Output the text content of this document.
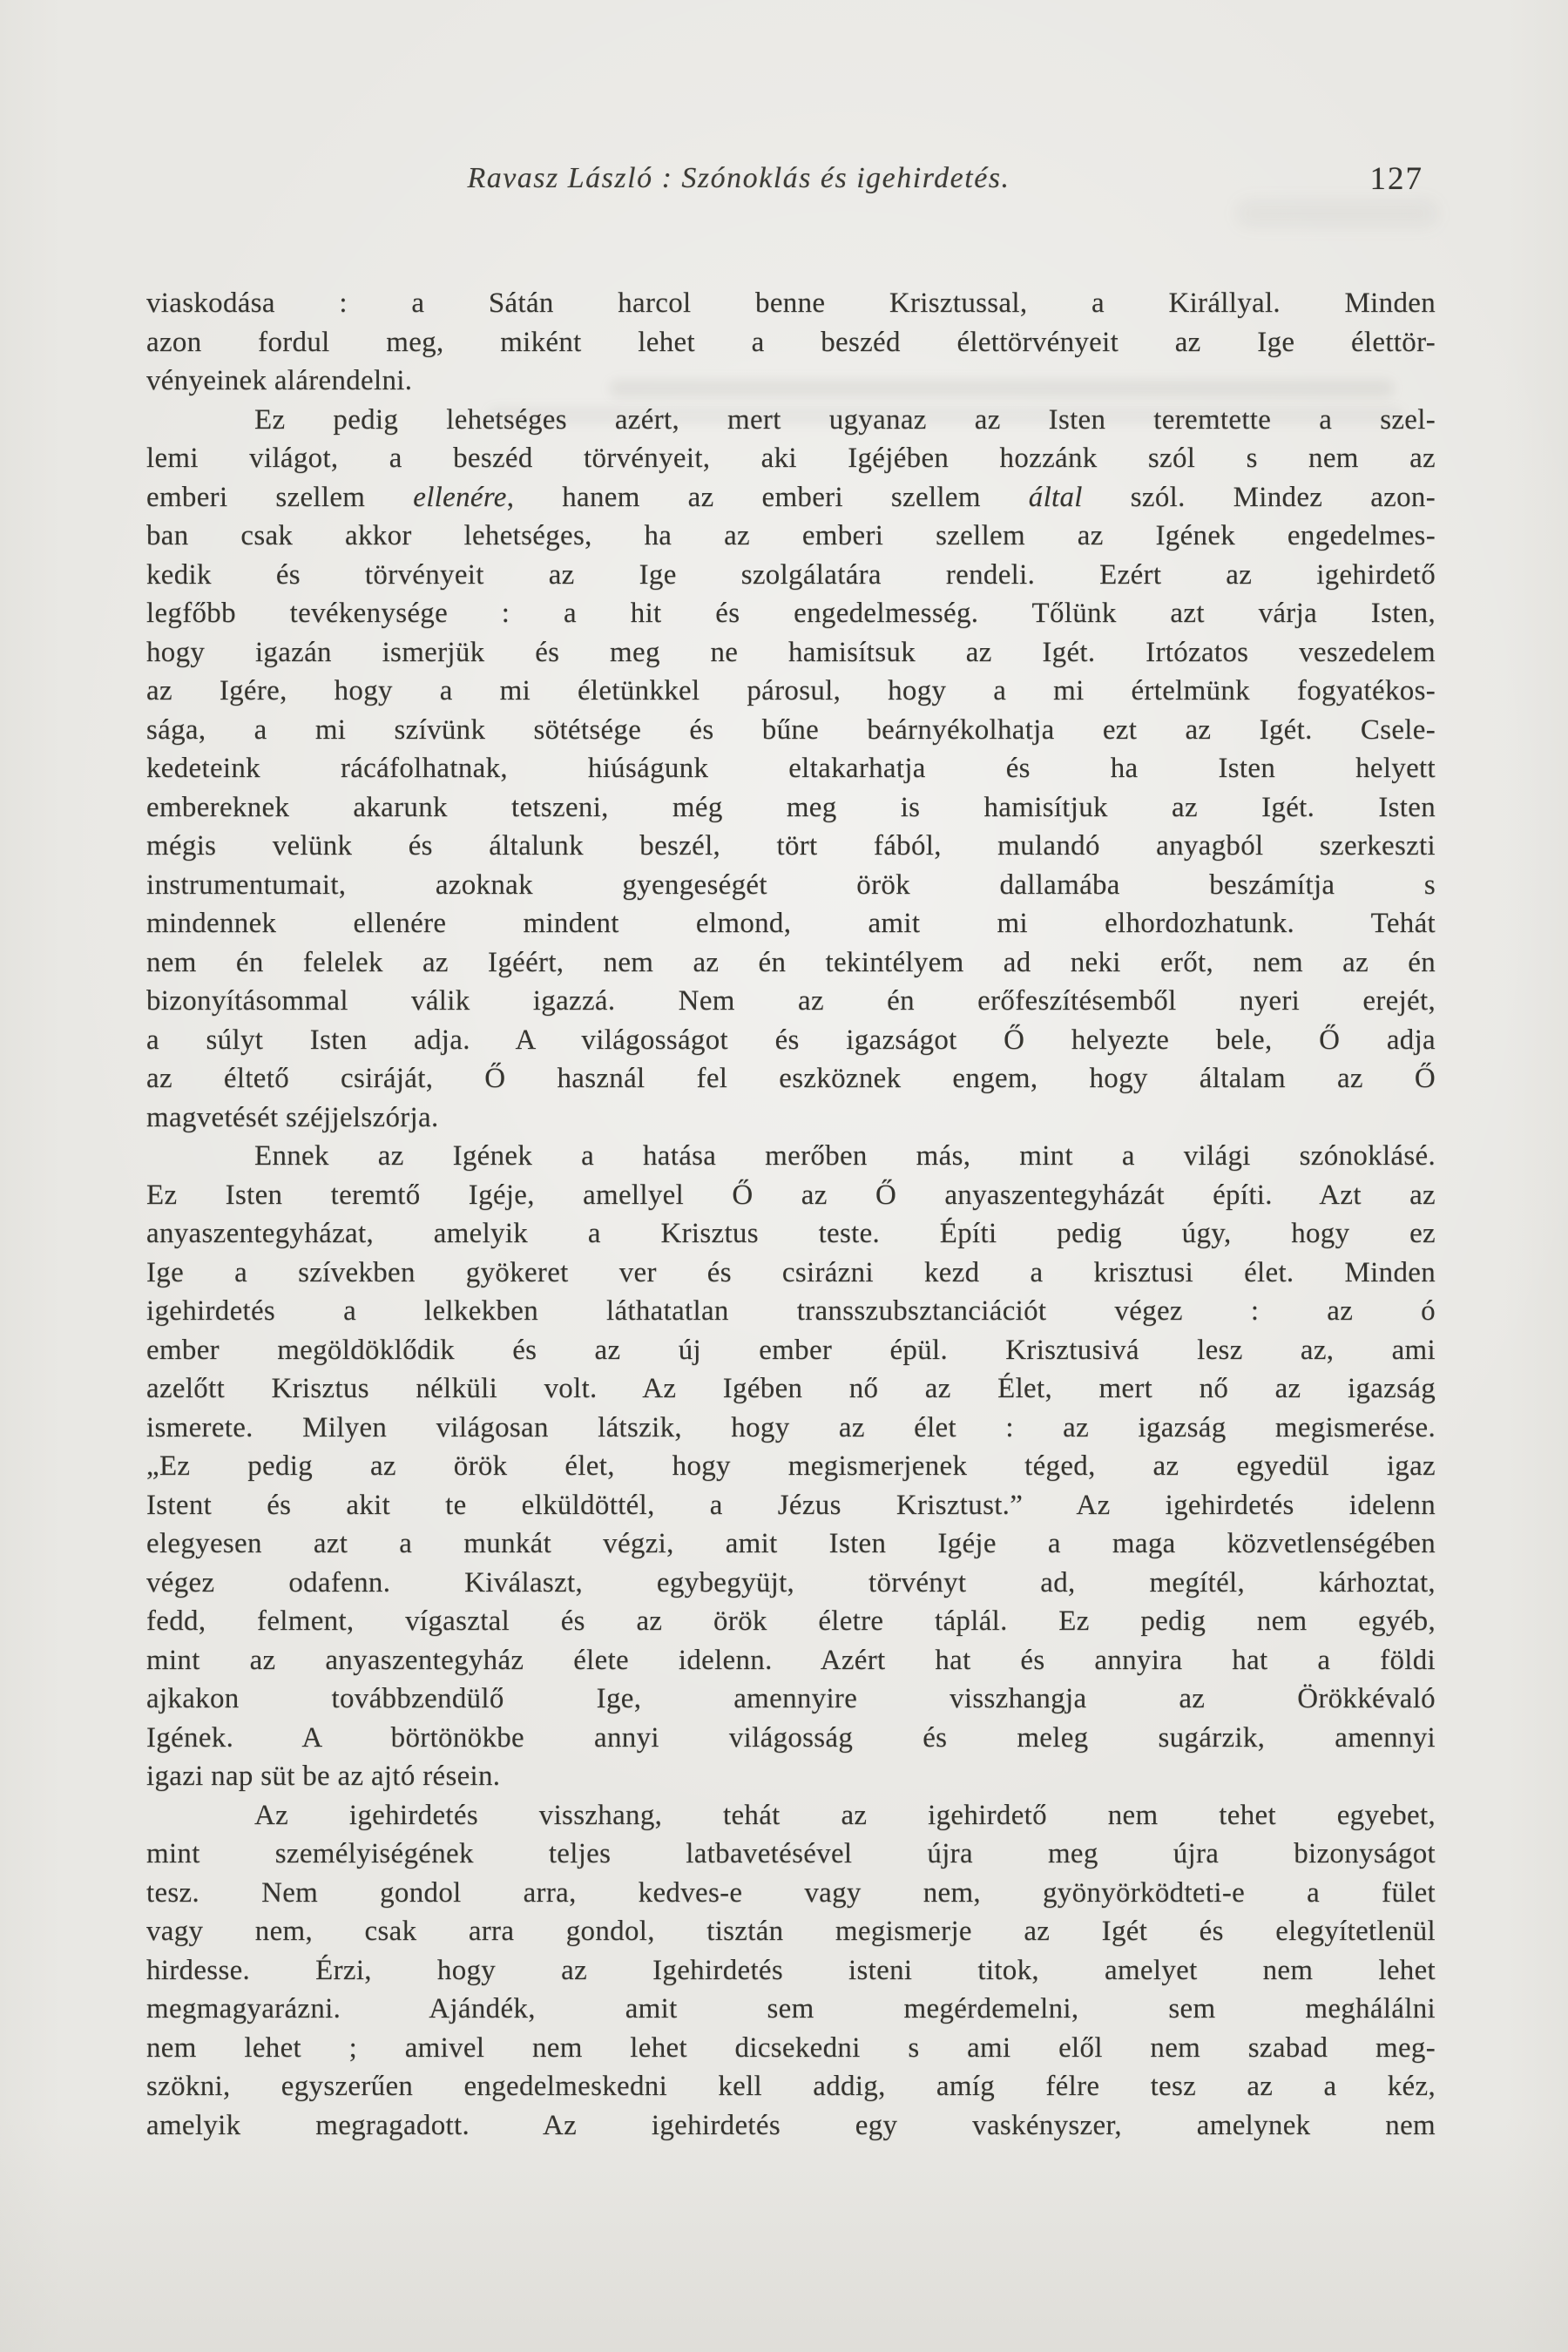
Ravasz László : Szónoklás és igehirdetés.	127
viaskodása : a Sátán harcol benne Krisztussal, a Királlyal. Minden
azon fordul meg, miként lehet a beszéd élettörvényeit az Ige élettör-
vényeinek alárendelni.
Ez pedig lehetséges azért, mert ugyanaz az Isten teremtette a szel-
lemi világot, a beszéd törvényeit, aki Igéjében hozzánk szól s nem az
emberi szellem ellenére, hanem az emberi szellem által szól. Mindez azon-
ban csak akkor lehetséges, ha az emberi szellem az Igének engedelmes-
kedik és törvényeit az Ige szolgálatára rendeli. Ezért az igehirdető
legfőbb tevékenysége : a hit és engedelmesség. Tőlünk azt várja Isten,
hogy igazán ismerjük és meg ne hamisítsuk az Igét. Irtózatos veszedelem
az Igére, hogy a mi életünkkel párosul, hogy a mi értelmünk fogyatékos-
sága, a mi szívünk sötétsége és bűne beárnyékolhatja ezt az Igét. Csele-
kedeteink rácáfolhatnak, hiúságunk eltakarhatja és ha Isten helyett
embereknek akarunk tetszeni, még meg is hamisítjuk az Igét. Isten
mégis velünk és általunk beszél, tört fából, mulandó anyagból szerkeszti
instrumentumait, azoknak gyengeségét örök dallamába beszámítja s
mindennek ellenére mindent elmond, amit mi elhordozhatunk. Tehát
nem én felelek az Igéért, nem az én tekintélyem ad neki erőt, nem az én
bizonyításommal válik igazzá. Nem az én erőfeszítésemből nyeri erejét,
a súlyt Isten adja. A világosságot és igazságot Ő helyezte bele, Ő adja
az éltető csiráját, Ő használ fel eszköznek engem, hogy általam az Ő
magvetését széjjelszórja.
Ennek az Igének a hatása merőben más, mint a világi szónoklásé.
Ez Isten teremtő Igéje, amellyel Ő az Ő anyaszentegyházát építi. Azt az
anyaszentegyházat, amelyik a Krisztus teste. Építi pedig úgy, hogy ez
Ige a szívekben gyökeret ver és csirázni kezd a krisztusi élet. Minden
igehirdetés a lelkekben láthatatlan transszubsztanciációt végez : az ó
ember megöldöklődik és az új ember épül. Krisztusivá lesz az, ami
azelőtt Krisztus nélküli volt. Az Igében nő az Élet, mert nő az igazság
ismerete. Milyen világosan látszik, hogy az élet : az igazság megismerése.
„Ez pedig az örök élet, hogy megismerjenek téged, az egyedül igaz
Istent és akit te elküldöttél, a Jézus Krisztust.” Az igehirdetés idelenn
elegyesen azt a munkát végzi, amit Isten Igéje a maga közvetlenségében
végez odafenn. Kiválaszt, egybegyüjt, törvényt ad, megítél, kárhoztat,
fedd, felment, vígasztal és az örök életre táplál. Ez pedig nem egyéb,
mint az anyaszentegyház élete idelenn. Azért hat és annyira hat a földi
ajkakon továbbzendülő Ige, amennyire visszhangja az Örökkévaló
Igének. A börtönökbe annyi világosság és meleg sugárzik, amennyi
igazi nap süt be az ajtó résein.
Az igehirdetés visszhang, tehát az igehirdető nem tehet egyebet,
mint személyiségének teljes latbavetésével újra meg újra bizonyságot
tesz. Nem gondol arra, kedves-e vagy nem, gyönyörködteti-e a fület
vagy nem, csak arra gondol, tisztán megismerje az Igét és elegyítetlenül
hirdesse. Érzi, hogy az Igehirdetés isteni titok, amelyet nem lehet
megmagyarázni. Ajándék, amit sem megérdemelni, sem meghálálni
nem lehet ; amivel nem lehet dicsekedni s ami elől nem szabad meg-
szökni, egyszerűen engedelmeskedni kell addig, amíg félre tesz az a kéz,
amelyik megragadott. Az igehirdetés egy vaskényszer, amelynek nem
